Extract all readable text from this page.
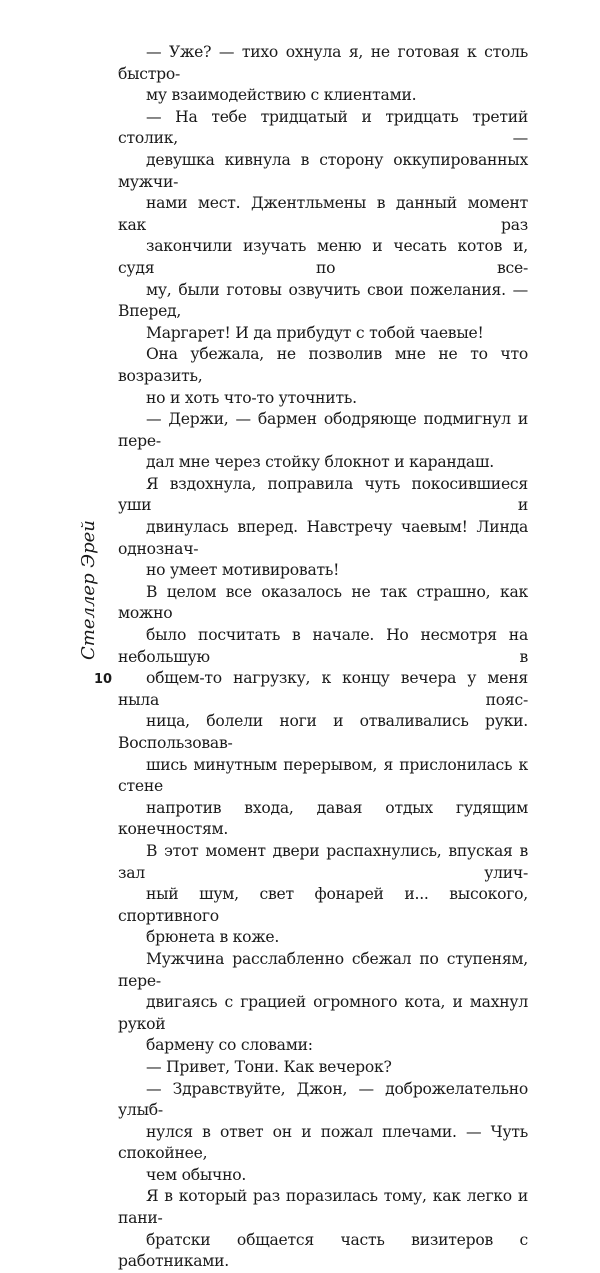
— Уже? — тихо охнула я, не готовая к столь быстро-
му взаимодействию с клиентами.

— На тебе тридцатый и тридцать третий столик, —
девушка кивнула в сторону оккупированных мужчи-
нами мест. Джентльмены в данный момент как раз
закончили изучать меню и чесать котов и, судя по все-
му, были готовы озвучить свои пожелания. — Вперед,
Маргарет! И да прибудут с тобой чаевые!

Она убежала, не позволив мне не то что возразить,
но и хоть что-то уточнить.

— Держи, — бармен ободряюще подмигнул и пере-
дал мне через стойку блокнот и карандаш.

Я вздохнула, поправила чуть покосившиеся уши и
двинулась вперед. Навстречу чаевым! Линда однознач-
но умеет мотивировать!

В целом все оказалось не так страшно, как можно
было посчитать в начале. Но несмотря на небольшую в
общем-то нагрузку, к концу вечера у меня ныла пояс-
ница, болели ноги и отваливались руки. Воспользовав-
шись минутным перерывом, я прислонилась к стене
напротив входа, давая отдых гудящим конечностям.
В этот момент двери распахнулись, впуская в зал улич-
ный шум, свет фонарей и... высокого, спортивного
брюнета в коже.

Мужчина расслабленно сбежал по ступеням, пере-
двигаясь с грацией огромного кота, и махнул рукой
бармену со словами:

— Привет, Тони. Как вечерок?

— Здравствуйте, Джон, — доброжелательно улыб-
нулся в ответ он и пожал плечами. — Чуть спокойнее,
чем обычно.

Я в который раз поразилась тому, как легко и пани-
братски общается часть визитеров с работниками.

Стеллер Эрей
10
